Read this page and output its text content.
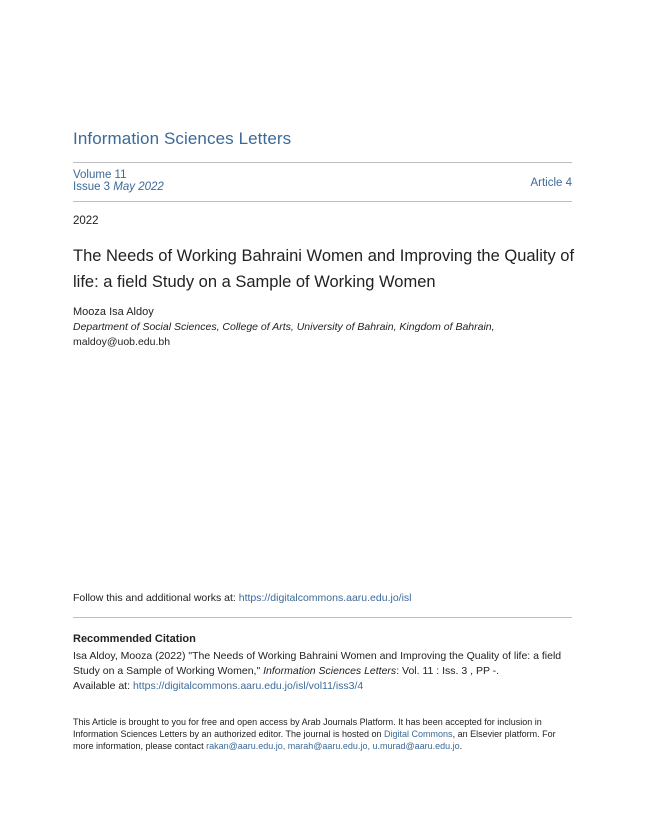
Information Sciences Letters
Volume 11
Issue 3 May 2022	Article 4
2022
The Needs of Working Bahraini Women and Improving the Quality of life: a field Study on a Sample of Working Women
Mooza Isa Aldoy
Department of Social Sciences, College of Arts, University of Bahrain, Kingdom of Bahrain,
maldoy@uob.edu.bh
Follow this and additional works at: https://digitalcommons.aaru.edu.jo/isl
Recommended Citation
Isa Aldoy, Mooza (2022) "The Needs of Working Bahraini Women and Improving the Quality of life: a field Study on a Sample of Working Women," Information Sciences Letters: Vol. 11 : Iss. 3 , PP -.
Available at: https://digitalcommons.aaru.edu.jo/isl/vol11/iss3/4
This Article is brought to you for free and open access by Arab Journals Platform. It has been accepted for inclusion in Information Sciences Letters by an authorized editor. The journal is hosted on Digital Commons, an Elsevier platform. For more information, please contact rakan@aaru.edu.jo, marah@aaru.edu.jo, u.murad@aaru.edu.jo.
